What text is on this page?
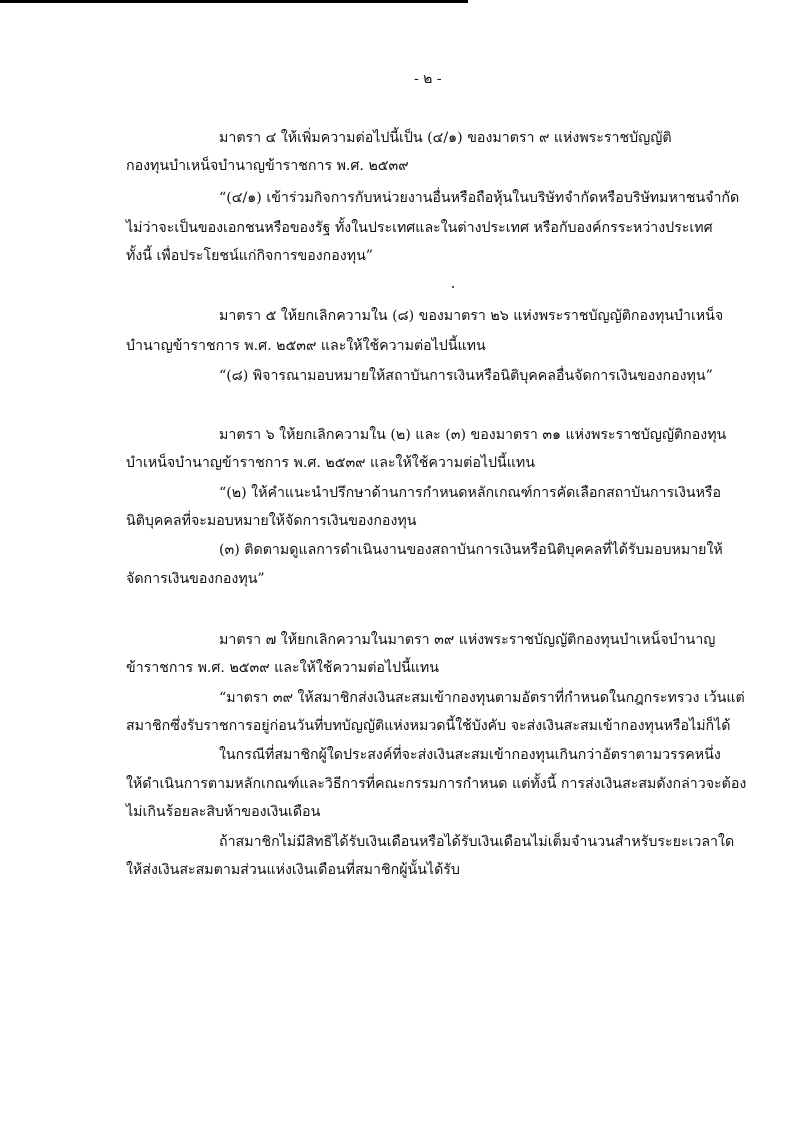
- ๒ -
มาตรา ๔ ให้เพิ่มความต่อไปนี้เป็น (๔/๑) ของมาตรา ๙ แห่งพระราชบัญญัติ
กองทุนบำเหน็จบำนาญข้าราชการ พ.ศ. ๒๕๓๙
“(๔/๑) เข้าร่วมกิจการกับหน่วยงานอื่นหรือถือหุ้นในบริษัทจำกัดหรือบริษัทมหาชนจำกัด
ไม่ว่าจะเป็นของเอกชนหรือของรัฐ ทั้งในประเทศและในต่างประเทศ หรือกับองค์กรระหว่างประเทศ
ทั้งนี้ เพื่อประโยชน์แก่กิจการของกองทุน”
มาตรา ๕ ให้ยกเลิกความใน (๘) ของมาตรา ๒๖ แห่งพระราชบัญญัติกองทุนบำเหน็จ
บำนาญข้าราชการ พ.ศ. ๒๕๓๙ และให้ใช้ความต่อไปนี้แทน
“(๘) พิจารณามอบหมายให้สถาบันการเงินหรือนิติบุคคลอื่นจัดการเงินของกองทุน”
มาตรา ๖ ให้ยกเลิกความใน (๒) และ (๓) ของมาตรา ๓๑ แห่งพระราชบัญญัติกองทุน
บำเหน็จบำนาญข้าราชการ พ.ศ. ๒๕๓๙ และให้ใช้ความต่อไปนี้แทน
“(๒) ให้คำแนะนำปรึกษาด้านการกำหนดหลักเกณฑ์การคัดเลือกสถาบันการเงินหรือ
นิติบุคคลที่จะมอบหมายให้จัดการเงินของกองทุน
(๓) ติดตามดูแลการดำเนินงานของสถาบันการเงินหรือนิติบุคคลที่ได้รับมอบหมายให้
จัดการเงินของกองทุน”
มาตรา ๗ ให้ยกเลิกความในมาตรา ๓๙ แห่งพระราชบัญญัติกองทุนบำเหน็จบำนาญ
ข้าราชการ พ.ศ. ๒๕๓๙ และให้ใช้ความต่อไปนี้แทน
“มาตรา ๓๙ ให้สมาชิกส่งเงินสะสมเข้ากองทุนตามอัตราที่กำหนดในกฎกระทรวง เว้นแต่
สมาชิกซึ่งรับราชการอยู่ก่อนวันที่บทบัญญัติแห่งหมวดนี้ใช้บังคับ จะส่งเงินสะสมเข้ากองทุนหรือไม่ก็ได้
ในกรณีที่สมาชิกผู้ใดประสงค์ที่จะส่งเงินสะสมเข้ากองทุนเกินกว่าอัตราตามวรรคหนึ่ง
ให้ดำเนินการตามหลักเกณฑ์และวิธีการที่คณะกรรมการกำหนด แต่ทั้งนี้ การส่งเงินสะสมดังกล่าวจะต้อง
ไม่เกินร้อยละสิบห้าของเงินเดือน
ถ้าสมาชิกไม่มีสิทธิได้รับเงินเดือนหรือได้รับเงินเดือนไม่เต็มจำนวนสำหรับระยะเวลาใด
ให้ส่งเงินสะสมตามส่วนแห่งเงินเดือนที่สมาชิกผู้นั้นได้รับ
